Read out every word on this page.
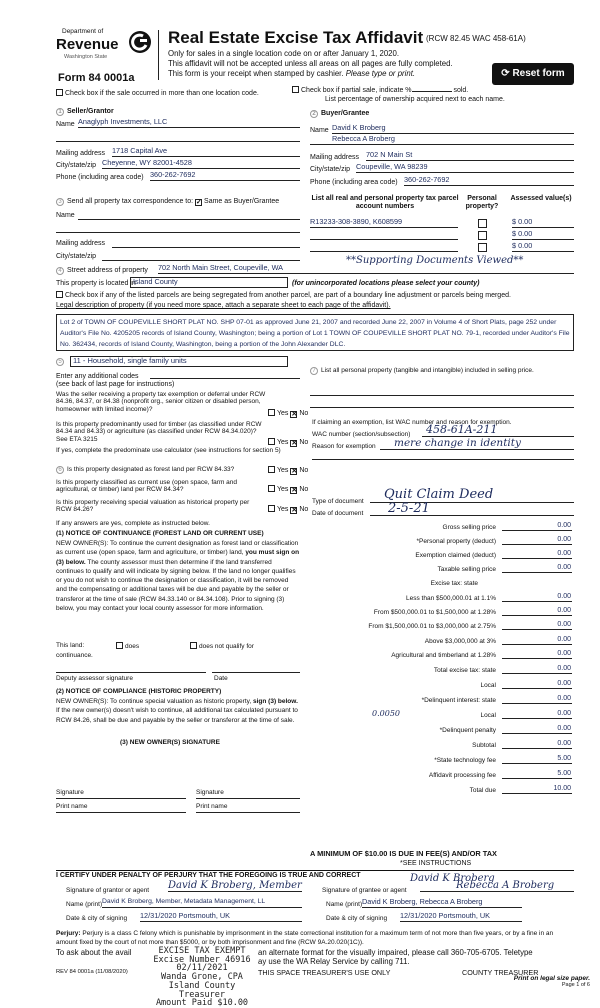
Department of
Revenue
Washington State
Form 84 0001a
Real Estate Excise Tax Affidavit (RCW 82.45 WAC 458-61A)
Only for sales in a single location code on or after January 1, 2020.
This affidavit will not be accepted unless all areas on all pages are fully completed.
This form is your receipt when stamped by cashier. Please type or print.	⟳ Reset form
Check box if the sale occurred in more than one location code.	Check box if partial sale, indicate %	sold.
List percentage of ownership acquired next to each name.
1 Seller/Grantor
Name Anaglyph Investments, LLC
Mailing address 1718 Capital Ave
City/state/zip Cheyenne, WY 82001-4528
Phone (including area code) 360-262-7692
2 Buyer/Grantee
Name David K Broberg
Rebecca A Broberg
Mailing address 702 N Main St
City/state/zip Coupeville, WA 98239
Phone (including area code) 360-262-7692
3 Send all property tax correspondence to: ✓ Same as Buyer/Grantee
Name
Mailing address
City/state/zip
List all real and personal property tax parcel account numbers
Personal property?
Assessed value(s)
R13233-308-3890, K608599	$ 0.00
$ 0.00
$ 0.00
**Supporting Documents Viewed**
4 Street address of property 702 North Main Street, Coupeville, WA
This property is located in
Island County	(for unincorporated locations please select your county)
Check box if any of the listed parcels are being segregated from another parcel, are part of a boundary line adjustment or parcels being merged.
Legal description of property (if you need more space, attach a separate sheet to each page of the affidavit).
Lot 2 of TOWN OF COUPEVILLE SHORT PLAT NO. SHP 07-01 as approved June 21, 2007 and recorded June 22, 2007 in Volume 4 of Short Plats, page 252 under Auditor's File No. 4205205 records of Island County, Washington; being a portion of Lot 1 TOWN OF COUPEVILLE SHORT PLAT NO. 79-1, recorded under Auditor's File No. 362434, records of Island County, Washington, being a portion of the John Alexander DLC.
5	11 - Household, single family units
Enter any additional codes
(see back of last page for instructions)
Was the seller receiving a property tax exemption or deferral under RCW 84.36, 84.37, or 84.38 (nonprofit org., senior citizen or disabled person, homeowner with limited income)?
Yes ✕ No
Is this property predominantly used for timber (as classified under RCW 84.34 and 84.33) or agriculture (as classified under RCW 84.34.020)? See ETA 3215	Yes ✕ No
If yes, complete the predominate use calculator (see instructions for section 5)
6 Is this property designated as forest land per RCW 84.33?	Yes ✕ No
Is this property classified as current use (open space, farm and agricultural, or timber) land per RCW 84.34?	Yes ✕ No
Is this property receiving special valuation as historical property per RCW 84.26?	Yes ✕ No
If any answers are yes, complete as instructed below.
(1) NOTICE OF CONTINUANCE (FOREST LAND OR CURRENT USE)
NEW OWNER(S): To continue the current designation as forest land or classification as current use (open space, farm and agriculture, or timber) land, you must sign on (3) below. The county assessor must then determine if the land transferred continues to qualify and will indicate by signing below. If the land no longer qualifies or you do not wish to continue the designation or classification, it will be removed and the compensating or additional taxes will be due and payable by the seller or transferor at the time of sale (RCW 84.33.140 or 84.34.108). Prior to signing (3) below, you may contact your local county assessor for more information.
This land:	does	does not qualify for
continuance.
Deputy assessor signature	Date
(2) NOTICE OF COMPLIANCE (HISTORIC PROPERTY)
NEW OWNER(S): To continue special valuation as historic property, sign (3) below. If the new owner(s) doesn't wish to continue, all additional tax calculated pursuant to RCW 84.26, shall be due and payable by the seller or transferor at the time of sale.
(3) NEW OWNER(S) SIGNATURE
Signature	Signature
Print name	Print name
7 List all personal property (tangible and intangible) included in selling price.
If claiming an exemption, list WAC number and reason for exemption.
WAC number (section/subsection)	458-61A-211
Reason for exemption	mere change in identity
Type of document	Quit Claim Deed
Date of document	2-5-21
Gross selling price	0.00
*Personal property (deduct)	0.00
Exemption claimed (deduct)	0.00
Taxable selling price	0.00
Excise tax: state
Less than $500,000.01 at 1.1%	0.00
From $500,000.01 to $1,500,000 at 1.28%	0.00
From $1,500,000.01 to $3,000,000 at 2.75%	0.00
Above $3,000,000 at 3%	0.00
Agricultural and timberland at 1.28%	0.00
Total excise tax: state	0.00
Local	0.00
*Delinquent interest: state	0.00
Local	0.00
*Delinquent penalty	0.00
Subtotal	0.00
*State technology fee	5.00
Affidavit processing fee	5.00
Total due	10.00
0.0050
A MINIMUM OF $10.00 IS DUE IN FEE(S) AND/OR TAX
*SEE INSTRUCTIONS
I CERTIFY UNDER PENALTY OF PERJURY THAT THE FOREGOING IS TRUE AND CORRECT
Signature of grantor or agent David K Broberg, Member
Name (print) David K Broberg, Member, Metadata Management, LL
Date & city of signing 12/31/2020 Portsmouth, UK
David K Broberg
Signature of grantee or agent	Rebecca A Broberg
Name (print) David K Broberg, Rebecca A Broberg
Date & city of signing 12/31/2020 Portsmouth, UK
Perjury: Perjury is a class C felony which is punishable by imprisonment in the state correctional institution for a maximum term of not more than five years, or by a fine in an amount fixed by the court of not more than $5000, or by both imprisonment and fine (RCW 9A.20.020(1C)).
To ask about the avail	an alternate format for the visually impaired, please call 360-705-6705. Teletype
ay use the WA Relay Service by calling 711.
EXCISE TAX EXEMPT
Excise Number 46916
02/11/2021
Wanda Grone, CPA
Island County Treasurer
Amount Paid $10.00
REV 84 0001a (11/08/2020)	THIS SPACE TREASURER'S USE ONLY	COUNTY TREASURER
Print on legal size paper.
Page 1 of 6
